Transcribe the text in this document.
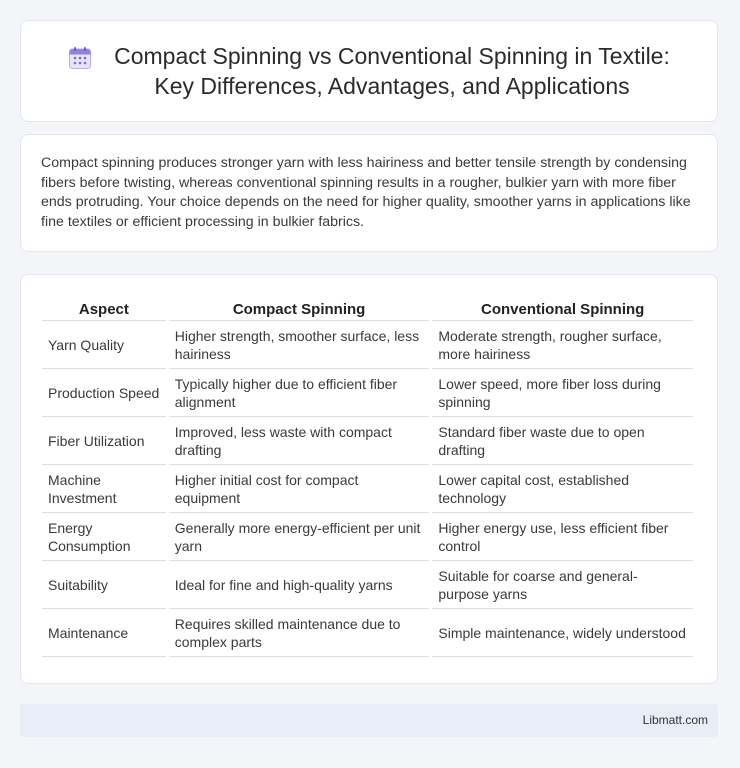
Compact Spinning vs Conventional Spinning in Textile:
Key Differences, Advantages, and Applications

Compact spinning produces stronger yarn with less hairiness and better tensile strength by condensing fibers before twisting, whereas conventional spinning results in a rougher, bulkier yarn with more fiber ends protruding. Your choice depends on the need for higher quality, smoother yarns in applications like fine textiles or efficient processing in bulkier fabrics.

Aspect	Compact Spinning	Conventional Spinning
Yarn Quality	Higher strength, smoother surface, less hairiness	Moderate strength, rougher surface, more hairiness
Production Speed	Typically higher due to efficient fiber alignment	Lower speed, more fiber loss during spinning
Fiber Utilization	Improved, less waste with compact drafting	Standard fiber waste due to open drafting
Machine Investment	Higher initial cost for compact equipment	Lower capital cost, established technology
Energy Consumption	Generally more energy-efficient per unit yarn	Higher energy use, less efficient fiber control
Suitability	Ideal for fine and high-quality yarns	Suitable for coarse and general-purpose yarns
Maintenance	Requires skilled maintenance due to complex parts	Simple maintenance, widely understood
Libmatt.com
